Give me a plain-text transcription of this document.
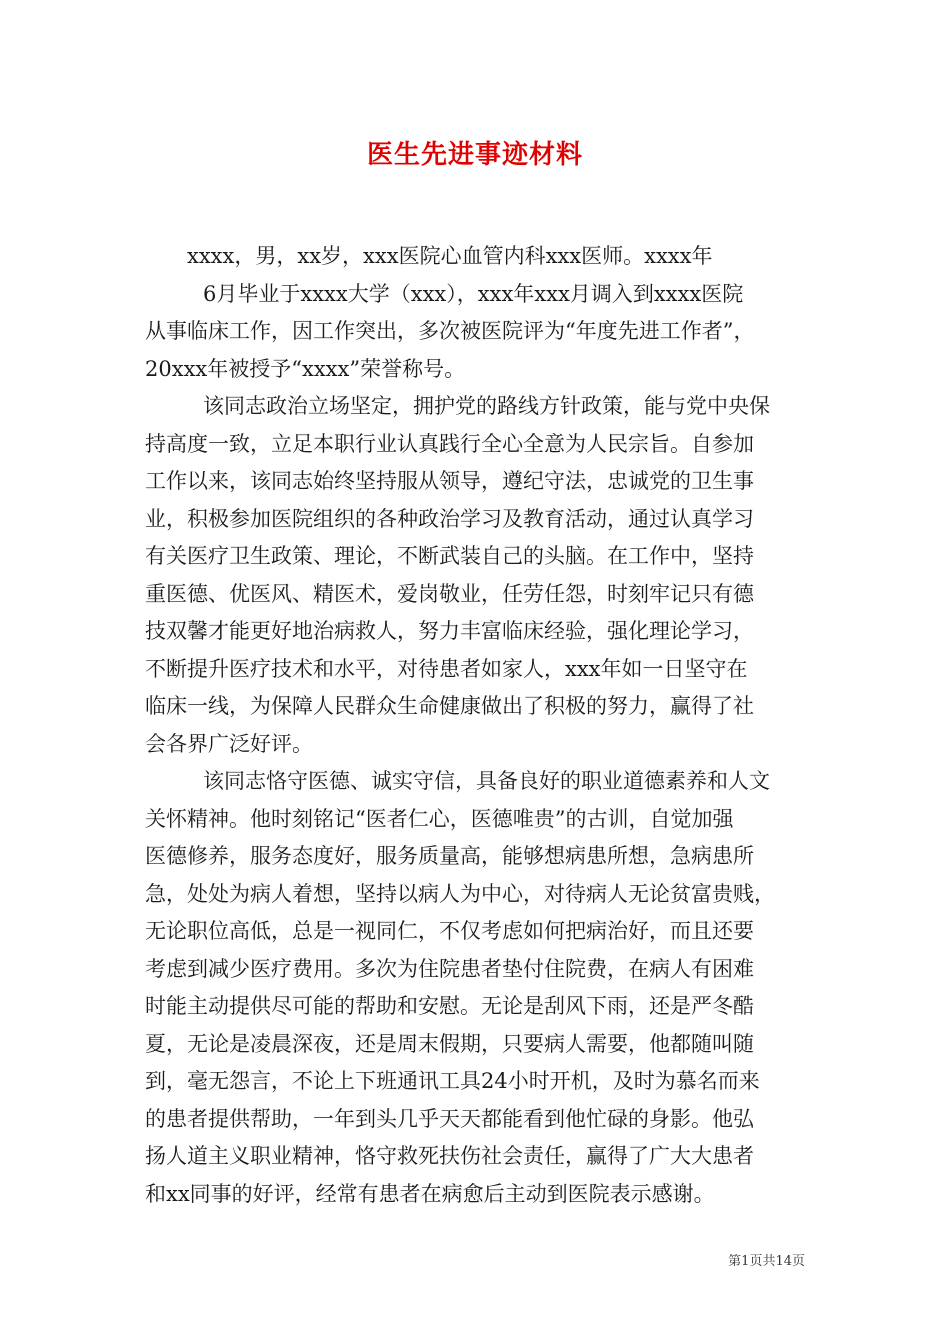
医生先进事迹材料

xxxx，男，xx岁，xxx医院心血管内科xxx医师。xxxx年

6月毕业于xxxx大学（xxx），xxx年xxx月调入到xxxx医院
从事临床工作，因工作突出，多次被医院评为“年度先进工作者”，
20xxx年被授予“xxxx”荣誉称号。

该同志政治立场坚定，拥护党的路线方针政策，能与党中央保
持高度一致，立足本职行业认真践行全心全意为人民宗旨。自参加
工作以来，该同志始终坚持服从领导，遵纪守法，忠诚党的卫生事
业，积极参加医院组织的各种政治学习及教育活动，通过认真学习
有关医疗卫生政策、理论，不断武装自己的头脑。在工作中，坚持
重医德、优医风、精医术，爱岗敬业，任劳任怨，时刻牢记只有德
技双馨才能更好地治病救人，努力丰富临床经验，强化理论学习，
不断提升医疗技术和水平，对待患者如家人，xxx年如一日坚守在
临床一线，为保障人民群众生命健康做出了积极的努力，赢得了社
会各界广泛好评。

该同志恪守医德、诚实守信，具备良好的职业道德素养和人文
关怀精神。他时刻铭记“医者仁心，医德唯贵”的古训，自觉加强
医德修养，服务态度好，服务质量高，能够想病患所想，急病患所
急，处处为病人着想，坚持以病人为中心，对待病人无论贫富贵贱，
无论职位高低，总是一视同仁，不仅考虑如何把病治好，而且还要
考虑到减少医疗费用。多次为住院患者垫付住院费，在病人有困难
时能主动提供尽可能的帮助和安慰。无论是刮风下雨，还是严冬酷
夏，无论是凌晨深夜，还是周末假期，只要病人需要，他都随叫随
到，毫无怨言，不论上下班通讯工具24小时开机，及时为慕名而来
的患者提供帮助，一年到头几乎天天都能看到他忙碌的身影。他弘
扬人道主义职业精神，恪守救死扶伤社会责任，赢得了广大大患者
和xx同事的好评，经常有患者在病愈后主动到医院表示感谢。

第1页共14页
